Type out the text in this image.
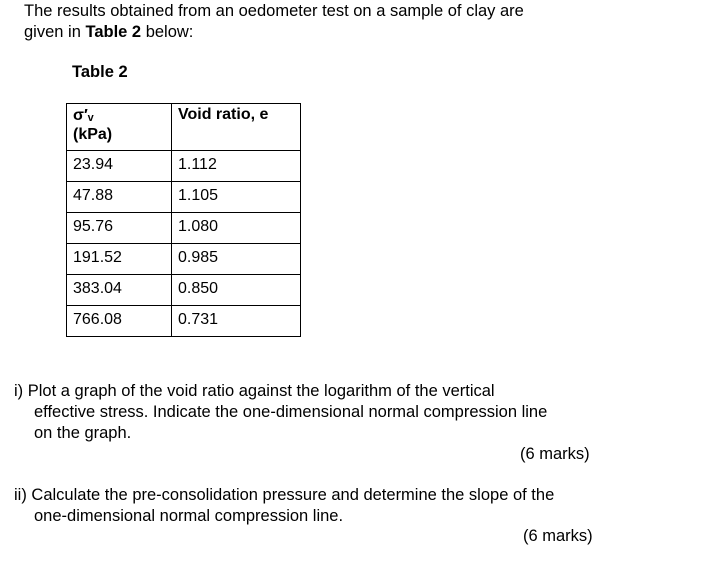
The results obtained from an oedometer test on a sample of clay are
given in Table 2 below:
Table 2
σ′ᵥ
(kPa)	Void ratio, e
23.94	1.112
47.88	1.105
95.76	1.080
191.52	0.985
383.04	0.850
766.08	0.731
i) Plot a graph of the void ratio against the logarithm of the vertical
effective stress. Indicate the one-dimensional normal compression line
on the graph.
(6 marks)
ii) Calculate the pre-consolidation pressure and determine the slope of the
one-dimensional normal compression line.
(6 marks)
